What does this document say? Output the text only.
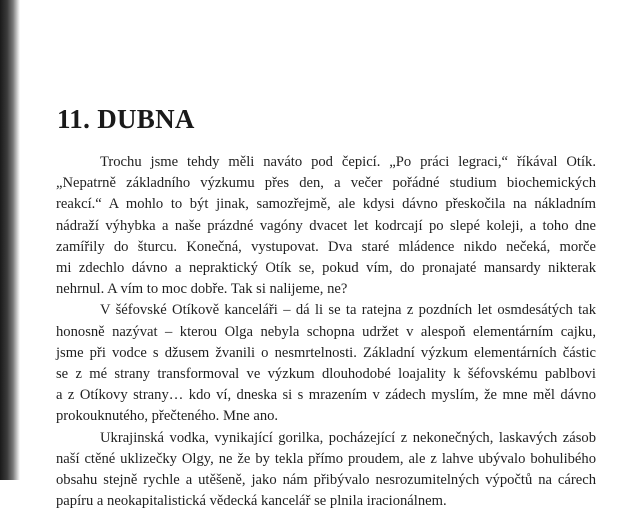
11. DUBNA

Trochu jsme tehdy měli naváto pod čepicí. „Po práci legraci,“ říkával Otík.
„Nepatrně základního výzkumu přes den, a večer pořádné studium biochemických
reakcí.“ A mohlo to být jinak, samozřejmě, ale kdysi dávno přeskočila na nákladním
nádraží výhybka a naše prázdné vagóny dvacet let kodrcají po slepé koleji, a toho dne
zamířily do šturcu. Konečná, vystupovat. Dva staré mládence nikdo nečeká, morče
mi zdechlo dávno a nepraktický Otík se, pokud vím, do pronajaté mansardy nikterak
nehrnul. A vím to moc dobře. Tak si nalijeme, ne?

V šéfovské Otíkově kanceláři – dá li se ta ratejna z pozdních let osmdesátých tak
honosně nazývat – kterou Olga nebyla schopna udržet v alespoň elementárním cajku,
jsme při vodce s džusem žvanili o nesmrtelnosti. Základní výzkum elementárních částic
se z mé strany transformoval ve výzkum dlouhodobé loajality k šéfovskému pablbovi
a z Otíkovy strany… kdo ví, dneska si s mrazením v zádech myslím, že mne měl dávno
prokouknutého, přečteného. Mne ano.

Ukrajinská vodka, vynikající gorilka, pocházející z nekonečných, laskavých zásob
naší ctěné uklizečky Olgy, ne že by tekla přímo proudem, ale z lahve ubývalo bohulibého
obsahu stejně rychle a utěšeně, jako nám přibývalo nesrozumitelných výpočtů na cárech
papíru a neokapitalistická vědecká kancelář se plnila iracionálnem.
